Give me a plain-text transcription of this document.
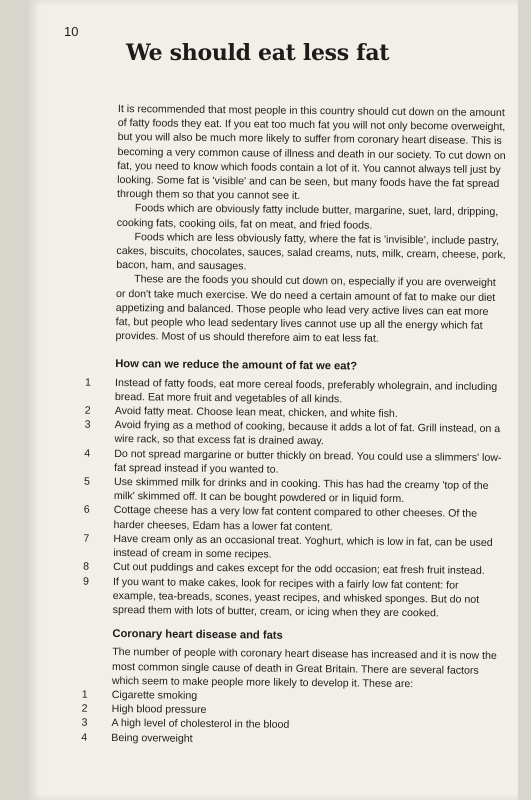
10
We should eat less fat

It is recommended that most people in this country should cut down on the amount of fatty foods they eat. If you eat too much fat you will not only become overweight, but you will also be much more likely to suffer from coronary heart disease. This is becoming a very common cause of illness and death in our society. To cut down on fat, you need to know which foods contain a lot of it. You cannot always tell just by looking. Some fat is 'visible' and can be seen, but many foods have the fat spread through them so that you cannot see it.

Foods which are obviously fatty include butter, margarine, suet, lard, dripping, cooking fats, cooking oils, fat on meat, and fried foods.

Foods which are less obviously fatty, where the fat is 'invisible', include pastry, cakes, biscuits, chocolates, sauces, salad creams, nuts, milk, cream, cheese, pork, bacon, ham, and sausages.

These are the foods you should cut down on, especially if you are overweight or don't take much exercise. We do need a certain amount of fat to make our diet appetizing and balanced. Those people who lead very active lives can eat more fat, but people who lead sedentary lives cannot use up all the energy which fat provides. Most of us should therefore aim to eat less fat.

How can we reduce the amount of fat we eat?
1	Instead of fatty foods, eat more cereal foods, preferably wholegrain, and including bread. Eat more fruit and vegetables of all kinds.
2	Avoid fatty meat. Choose lean meat, chicken, and white fish.
3	Avoid frying as a method of cooking, because it adds a lot of fat. Grill instead, on a wire rack, so that excess fat is drained away.
4	Do not spread margarine or butter thickly on bread. You could use a slimmers' low-fat spread instead if you wanted to.
5	Use skimmed milk for drinks and in cooking. This has had the creamy 'top of the milk' skimmed off. It can be bought powdered or in liquid form.
6	Cottage cheese has a very low fat content compared to other cheeses. Of the harder cheeses, Edam has a lower fat content.
7	Have cream only as an occasional treat. Yoghurt, which is low in fat, can be used instead of cream in some recipes.
8	Cut out puddings and cakes except for the odd occasion; eat fresh fruit instead.
9	If you want to make cakes, look for recipes with a fairly low fat content: for example, tea-breads, scones, yeast recipes, and whisked sponges. But do not spread them with lots of butter, cream, or icing when they are cooked.
Coronary heart disease and fats

The number of people with coronary heart disease has increased and it is now the most common single cause of death in Great Britain. There are several factors which seem to make people more likely to develop it. These are:

1	Cigarette smoking
2	High blood pressure
3	A high level of cholesterol in the blood
4	Being overweight
